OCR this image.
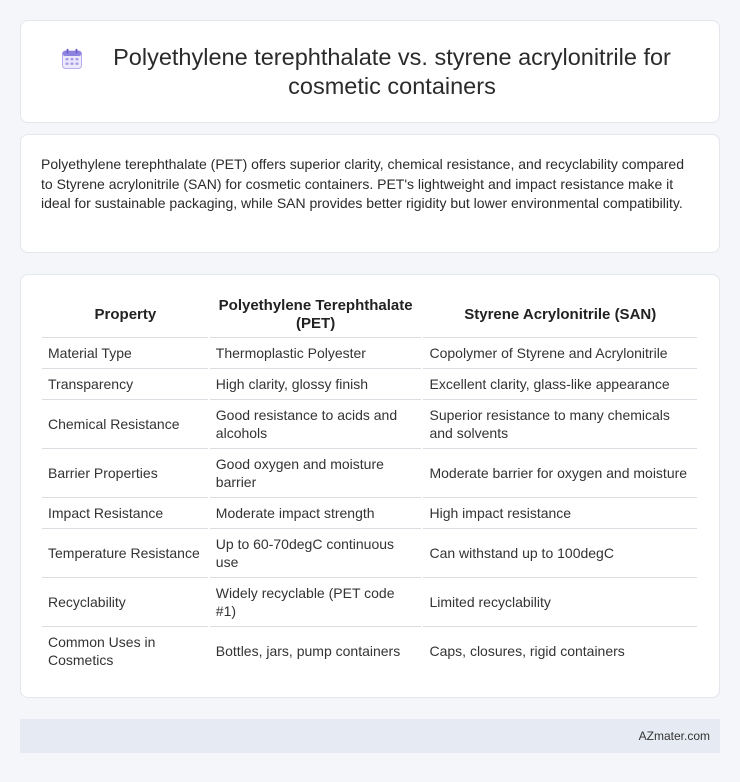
Polyethylene terephthalate vs. styrene acrylonitrile for cosmetic containers

Polyethylene terephthalate (PET) offers superior clarity, chemical resistance, and recyclability compared to Styrene acrylonitrile (SAN) for cosmetic containers. PET's lightweight and impact resistance make it ideal for sustainable packaging, while SAN provides better rigidity but lower environmental compatibility.

Property	Polyethylene Terephthalate (PET)	Styrene Acrylonitrile (SAN)
Material Type	Thermoplastic Polyester	Copolymer of Styrene and Acrylonitrile
Transparency	High clarity, glossy finish	Excellent clarity, glass-like appearance
Chemical Resistance	Good resistance to acids and alcohols	Superior resistance to many chemicals and solvents
Barrier Properties	Good oxygen and moisture barrier	Moderate barrier for oxygen and moisture
Impact Resistance	Moderate impact strength	High impact resistance
Temperature Resistance	Up to 60-70degC continuous use	Can withstand up to 100degC
Recyclability	Widely recyclable (PET code #1)	Limited recyclability
Common Uses in Cosmetics	Bottles, jars, pump containers	Caps, closures, rigid containers
AZmater.com
